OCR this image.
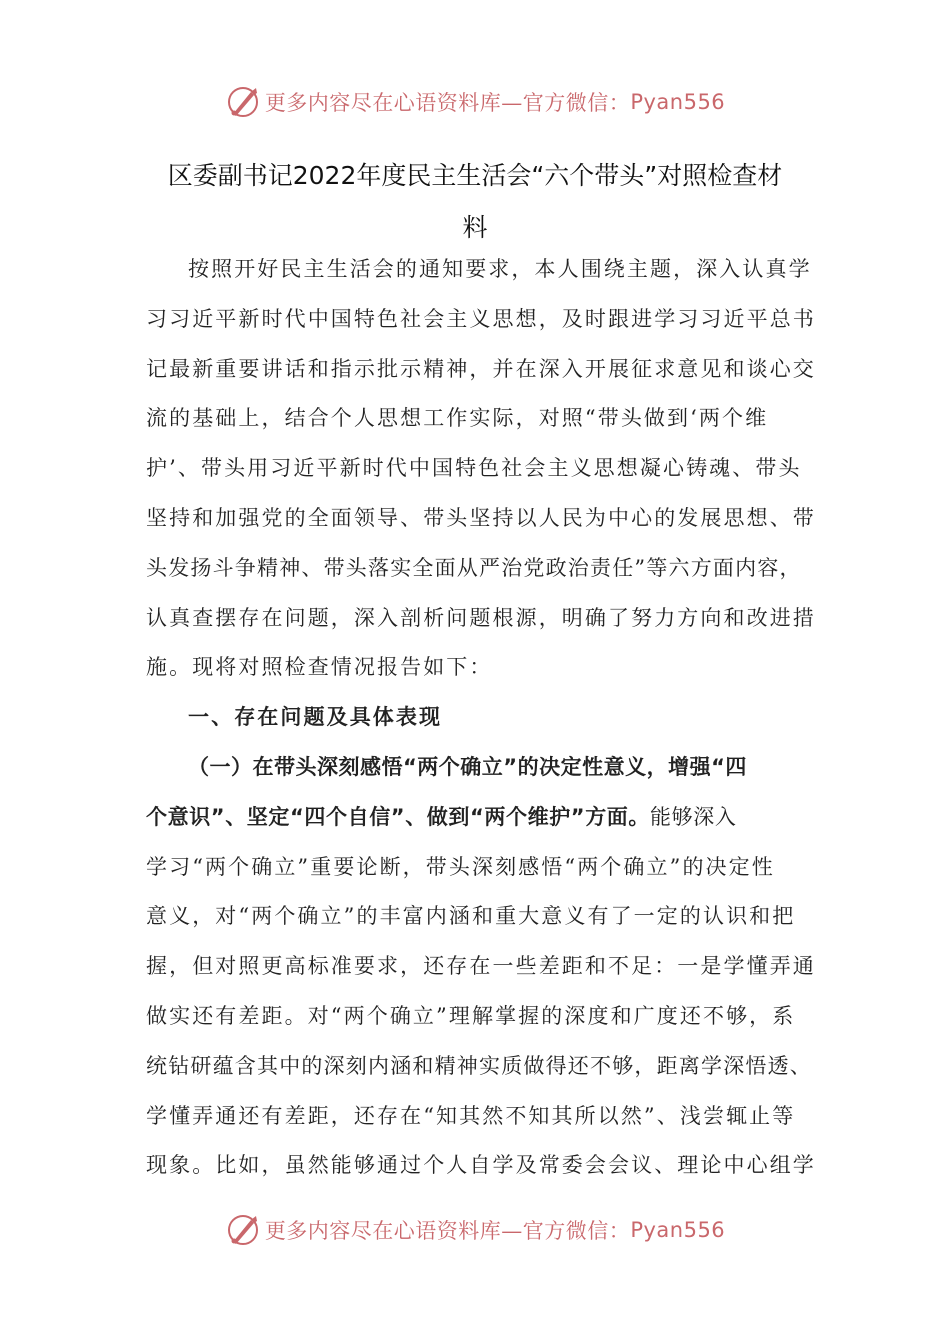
更多内容尽在心语资料库—官方微信： Pyan556
区委副书记2022年度民主生活会“六个带头”对照检查材
料
按照开好民主生活会的通知要求，本人围绕主题，深入认真学
习习近平新时代中国特色社会主义思想，及时跟进学习习近平总书
记最新重要讲话和指示批示精神，并在深入开展征求意见和谈心交
流的基础上，结合个人思想工作实际，对照“带头做到‘两个维
护’、带头用习近平新时代中国特色社会主义思想凝心铸魂、带头
坚持和加强党的全面领导、带头坚持以人民为中心的发展思想、带
头发扬斗争精神、带头落实全面从严治党政治责任”等六方面内容，
认真查摆存在问题，深入剖析问题根源，明确了努力方向和改进措
施。现将对照检查情况报告如下：
一、存在问题及具体表现
（一）在带头深刻感悟“两个确立”的决定性意义，增强“四
个意识”、坚定“四个自信”、做到“两个维护”方面。能够深入
学习“两个确立”重要论断，带头深刻感悟“两个确立”的决定性
意义，对“两个确立”的丰富内涵和重大意义有了一定的认识和把
握，但对照更高标准要求，还存在一些差距和不足：一是学懂弄通
做实还有差距。对“两个确立”理解掌握的深度和广度还不够，系
统钻研蕴含其中的深刻内涵和精神实质做得还不够，距离学深悟透、
学懂弄通还有差距，还存在“知其然不知其所以然”、浅尝辄止等
现象。比如，虽然能够通过个人自学及常委会会议、理论中心组学
更多内容尽在心语资料库—官方微信： Pyan556
